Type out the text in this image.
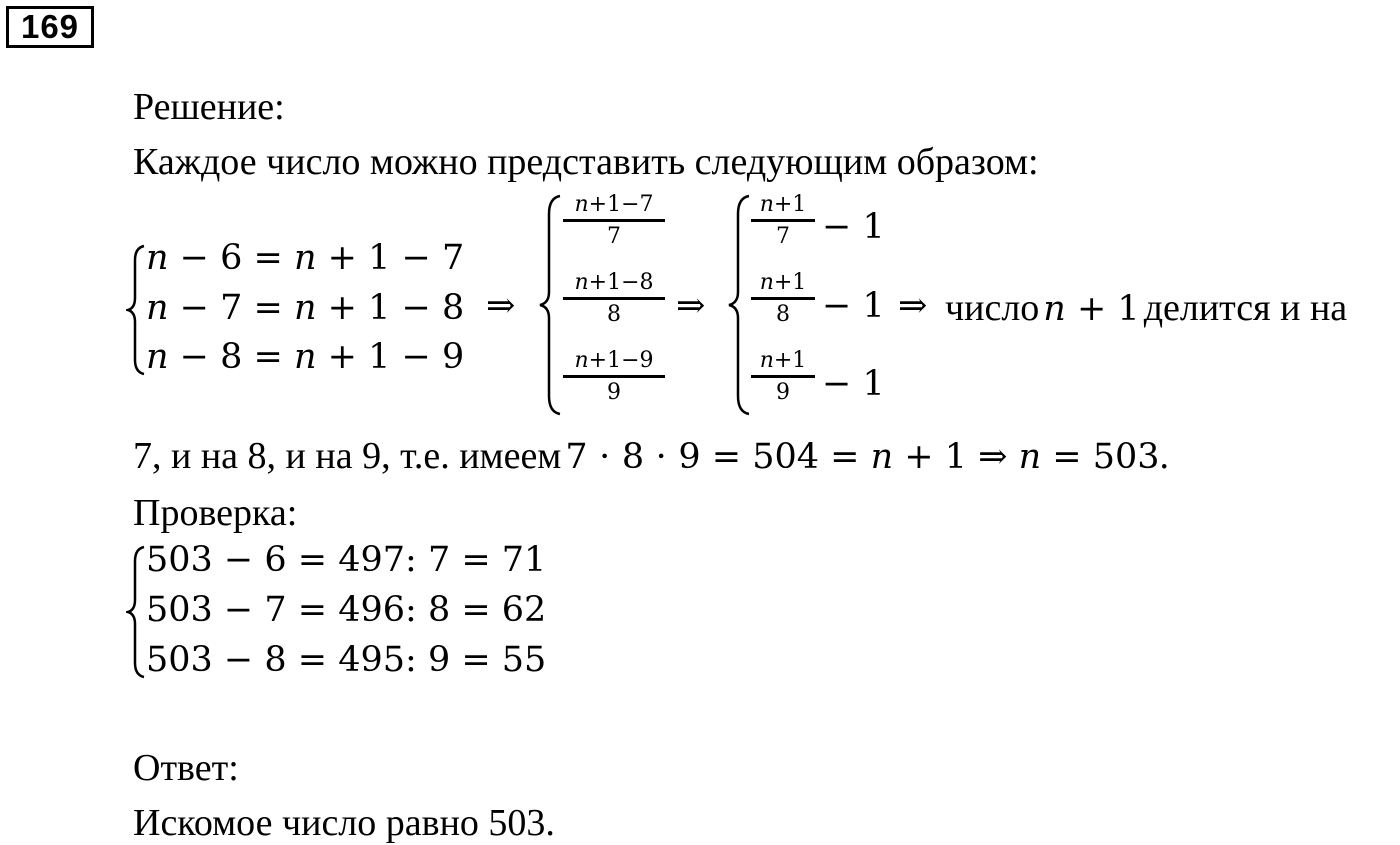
169
Решение:
Каждое число можно представить следующим образом:
n − 6 = n + 1 − 7
n − 7 = n + 1 − 8
n − 8 = n + 1 − 9
⇒
n+1−7
7
n+1−8
8
n+1−9
9
⇒
n+1
7 − 1
n+1
8 − 1
n+1
9 − 1
⇒ число n + 1 делится и на
7, и на 8, и на 9, т.е. имеем 7 ⋅ 8 ⋅ 9 = 504 = n + 1 ⇒ n = 503.
Проверка:
503 − 6 = 497: 7 = 71
503 − 7 = 496: 8 = 62
503 − 8 = 495: 9 = 55
Ответ:
Искомое число равно 503.
